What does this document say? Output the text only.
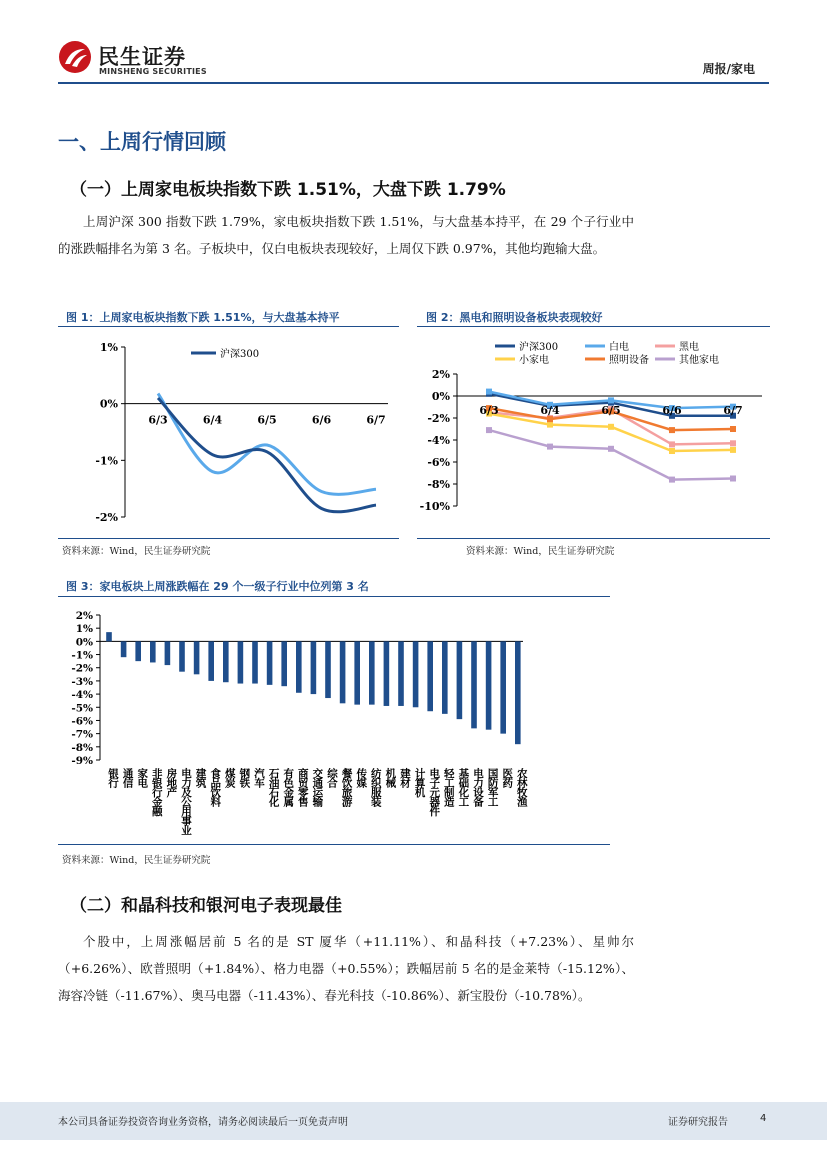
民生证券
MINSHENG SECURITIES	周报/家电
一、上周行情回顾
（一）上周家电板块指数下跌 1.51%，大盘下跌 1.79%
上周沪深 300 指数下跌 1.79%，家电板块指数下跌 1.51%，与大盘基本持平，在 29 个子行业中的涨跌幅排名为第 3 名。子板块中，仅白电板块表现较好，上周仅下跌 0.97%，其他均跑输大盘。
图 1：上周家电板块指数下跌 1.51%，与大盘基本持平
1%
0%
-1%
-2%
6/3	6/4	6/5	6/6	6/7
沪深300
资料来源：Wind，民生证券研究院
图 2：黑电和照明设备板块表现较好
2%
0%
-2%
-4%
-6%
-8%
-10%
6/3	6/4	6/5	6/6	6/7
沪深300	白电	黑电
小家电	照明设备	其他家电
资料来源：Wind，民生证券研究院
图 3：家电板块上周涨跌幅在 29 个一级子行业中位列第 3 名
2%
1%
0%
-1%
-2%
-3%
-4%
-5%
-6%
-7%
-8%
-9%
银行 通信 家电 非银行金融 房地产 电力及公用事业 建筑 食品饮料 煤炭 钢铁 汽车 石油石化 有色金属 商贸零售 交通运输 综合 餐饮旅游 传媒 纺织服装 机械 建材 计算机 电子元器件 轻工制造 基础化工 电力设备 国防军工 医药 农林牧渔
资料来源：Wind，民生证券研究院
（二）和晶科技和银河电子表现最佳
个股中，上周涨幅居前 5 名的是 ST 厦华（+11.11%）、和晶科技（+7.23%）、星帅尔（+6.26%）、欧普照明（+1.84%）、格力电器（+0.55%）；跌幅居前 5 名的是金莱特（-15.12%）、海容冷链（-11.67%）、奥马电器（-11.43%）、春光科技（-10.86%）、新宝股份（-10.78%）。
本公司具备证券投资咨询业务资格，请务必阅读最后一页免责声明	证券研究报告	4
